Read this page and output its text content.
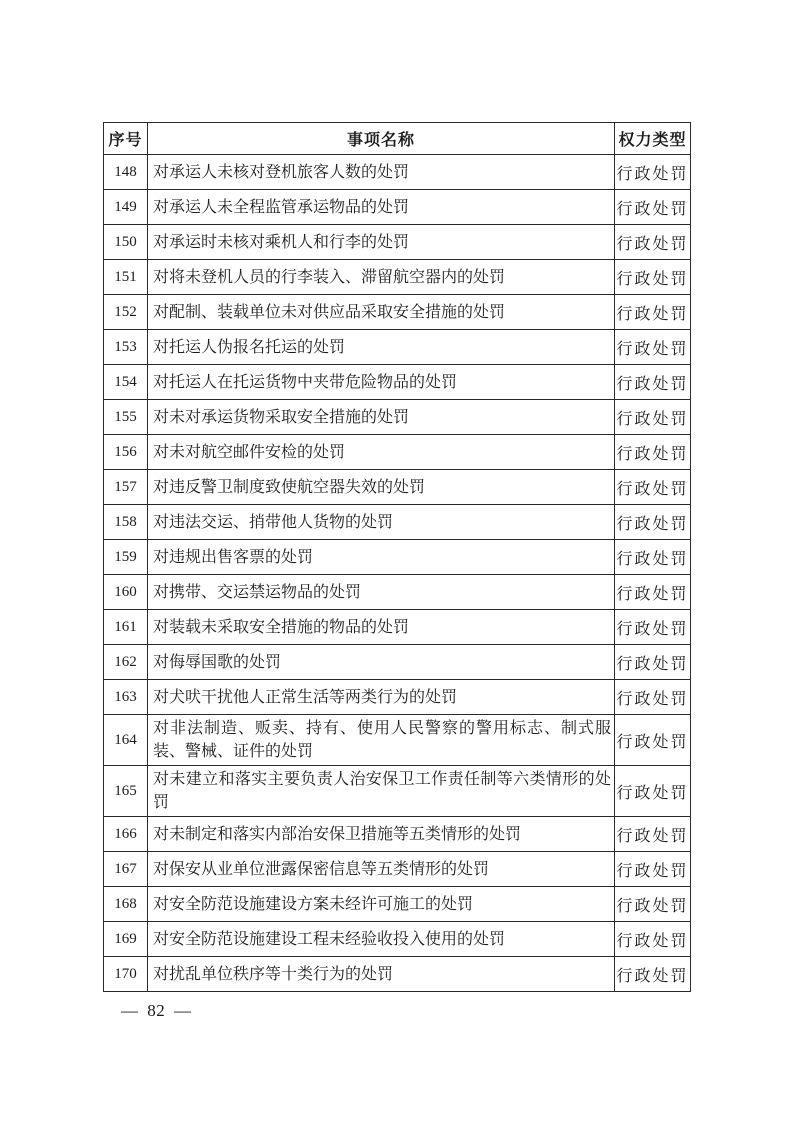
序号	事项名称	权力类型
148	对承运人未核对登机旅客人数的处罚	行政处罚
149	对承运人未全程监管承运物品的处罚	行政处罚
150	对承运时未核对乘机人和行李的处罚	行政处罚
151	对将未登机人员的行李装入、滞留航空器内的处罚	行政处罚
152	对配制、装载单位未对供应品采取安全措施的处罚	行政处罚
153	对托运人伪报名托运的处罚	行政处罚
154	对托运人在托运货物中夹带危险物品的处罚	行政处罚
155	对未对承运货物采取安全措施的处罚	行政处罚
156	对未对航空邮件安检的处罚	行政处罚
157	对违反警卫制度致使航空器失效的处罚	行政处罚
158	对违法交运、捎带他人货物的处罚	行政处罚
159	对违规出售客票的处罚	行政处罚
160	对携带、交运禁运物品的处罚	行政处罚
161	对装载未采取安全措施的物品的处罚	行政处罚
162	对侮辱国歌的处罚	行政处罚
163	对犬吠干扰他人正常生活等两类行为的处罚	行政处罚
164	对非法制造、贩卖、持有、使用人民警察的警用标志、制式服装、警械、证件的处罚	行政处罚
165	对未建立和落实主要负责人治安保卫工作责任制等六类情形的处罚	行政处罚
166	对未制定和落实内部治安保卫措施等五类情形的处罚	行政处罚
167	对保安从业单位泄露保密信息等五类情形的处罚	行政处罚
168	对安全防范设施建设方案未经许可施工的处罚	行政处罚
169	对安全防范设施建设工程未经验收投入使用的处罚	行政处罚
170	对扰乱单位秩序等十类行为的处罚	行政处罚
— 82 —
